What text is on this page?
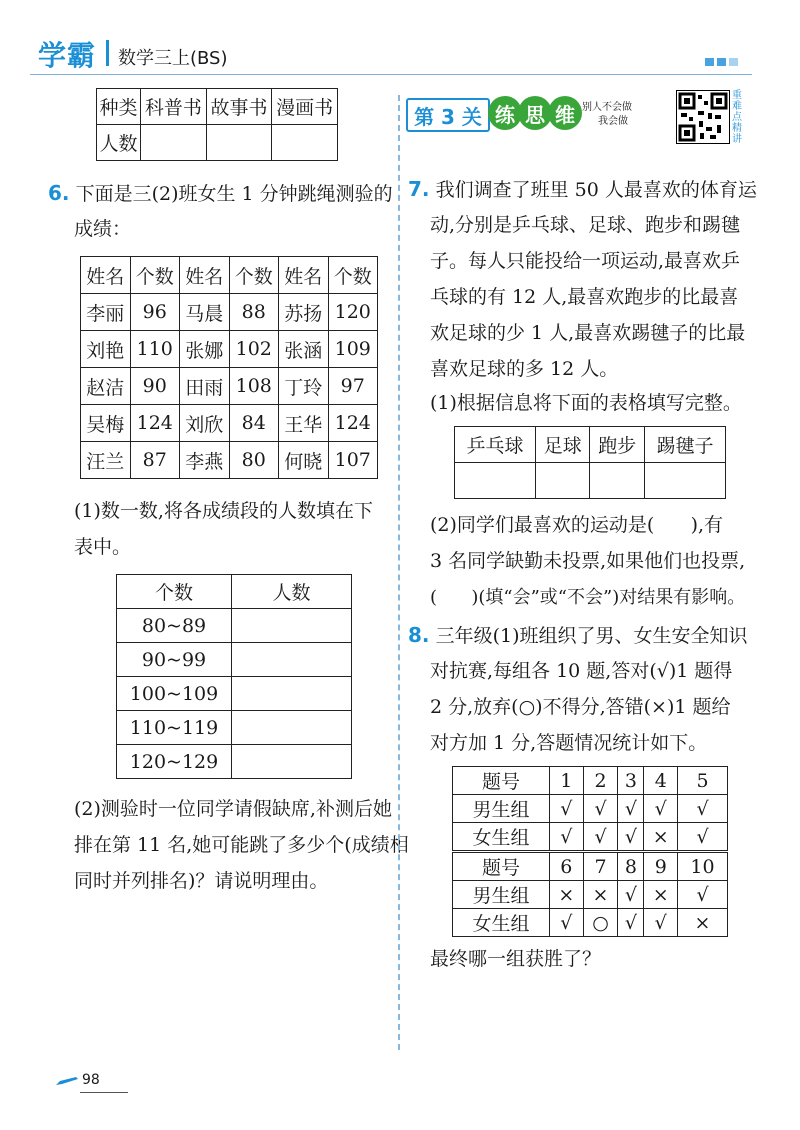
学霸 数学三上(BS)
种类	科普书	故事书	漫画书
人数			
6. 下面是三(2)班女生 1 分钟跳绳测验的
成绩：
姓名	个数	姓名	个数	姓名	个数
李丽	96	马晨	88	苏扬	120
刘艳	110	张娜	102	张涵	109
赵洁	90	田雨	108	丁玲	97
吴梅	124	刘欣	84	王华	124
汪兰	87	李燕	80	何晓	107
(1)数一数,将各成绩段的人数填在下
表中。
个数	人数
80~89	
90~99	
100~109	
110~119	
120~129	
(2)测验时一位同学请假缺席,补测后她
排在第 11 名,她可能跳了多少个(成绩相
同时并列排名)？请说明理由。
第 3 关 练 思 维 别人不会做
我会做
重难点精讲
7. 我们调查了班里 50 人最喜欢的体育运
动,分别是乒乓球、足球、跑步和踢毽
子。每人只能投给一项运动,最喜欢乒
乓球的有 12 人,最喜欢跑步的比最喜
欢足球的少 1 人,最喜欢踢毽子的比最
喜欢足球的多 12 人。
(1)根据信息将下面的表格填写完整。
乒乓球	足球	跑步	踢毽子

(2)同学们最喜欢的运动是(      ),有
3 名同学缺勤未投票,如果他们也投票,
(      )(填“会”或“不会”)对结果有影响。
8. 三年级(1)班组织了男、女生安全知识
对抗赛,每组各 10 题,答对(√)1 题得
2 分,放弃(○)不得分,答错(×)1 题给
对方加 1 分,答题情况统计如下。
题号	1	2	3	4	5
男生组	√	√	√	√	√
女生组	√	√	√	×	√
题号	6	7	8	9	10
男生组	×	×	√	×	√
女生组	√	○	√	√	×
最终哪一组获胜了？
98
